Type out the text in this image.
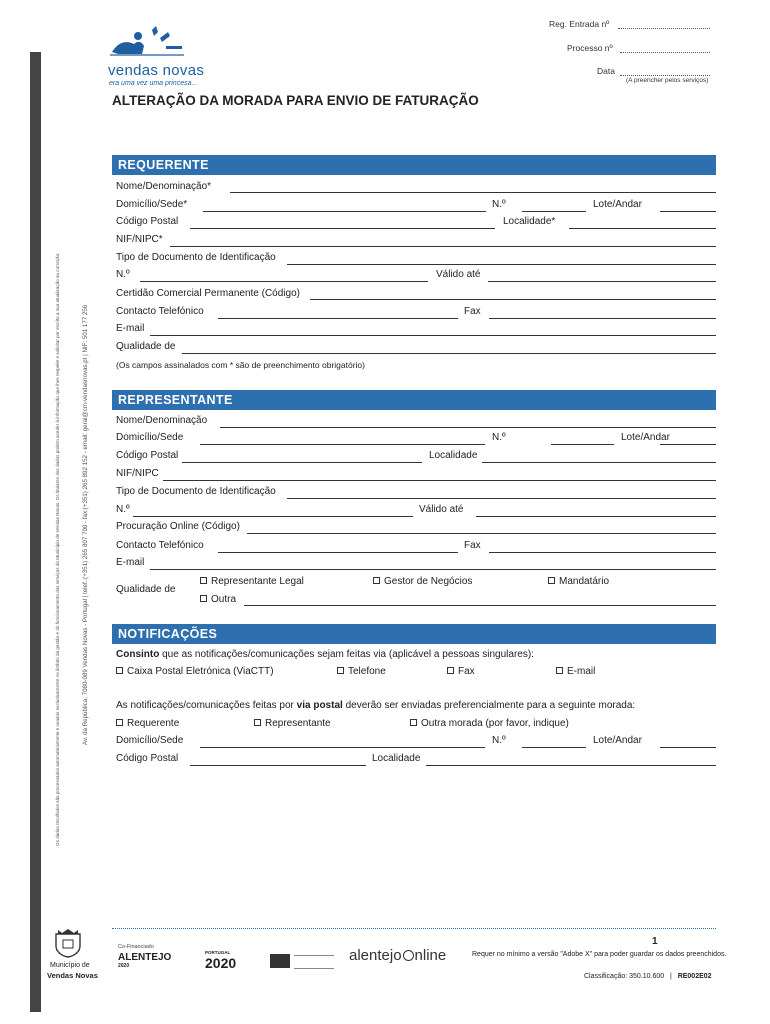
Os dados recolhidos são processados automaticamente e usados exclusivamente no âmbito da gestão e do funcionamento dos serviços do Município de Vendas Novas. Os titulares dos dados podem aceder à informação que lhes respeite e solicitar por escrito a sua atualização ou correção.	Av. da República, 7080-089 Vendas Novas - Portugal | telef.:(+351) 265 807 700 - fax:(+351) 265 892 152 - email: geral@cm-vendasnovas.pt | NIF: 501 177 256
vendas novas
era uma vez uma princesa...
Reg. Entrada nº
Processo nº
Data
(A preencher pelos serviços)
ALTERAÇÃO DA MORADA PARA ENVIO DE FATURAÇÃO
REQUERENTE
Nome/Denominação*
Domicílio/Sede*	N.º	Lote/Andar
Código Postal	Localidade*
NIF/NIPC*
Tipo de Documento de Identificação
N.º	Válido até
Certidão Comercial Permanente (Código)
Contacto Telefónico	Fax
E-mail
Qualidade de
(Os campos assinalados com * são de preenchimento obrigatório)
REPRESENTANTE
Nome/Denominação
Domicílio/Sede	N.º	Lote/Andar
Código Postal	Localidade
NIF/NIPC
Tipo de Documento de Identificação
N.º	Válido até
Procuração Online (Código)
Contacto Telefónico	Fax
E-mail
Qualidade de
Representante Legal	Gestor de Negócios	Mandatário
Outra
NOTIFICAÇÕES
Consinto que as notificações/comunicações sejam feitas via (aplicável a pessoas singulares):
Caixa Postal Eletrónica (ViaCTT)	Telefone	Fax	E-mail
As notificações/comunicações feitas por via postal deverão ser enviadas preferencialmente para a seguinte morada:
Requerente	Representante	Outra morada (por favor, indique)
Domicílio/Sede	N.º	Lote/Andar
Código Postal	Localidade
Município de
Vendas Novas
Co-Financiado
ALENTEJO
2020
PORTUGAL
2020	alentejo nline
1
Requer no mínimo a versão "Adobe X" para poder guardar os dados preenchidos.
Classificação: 350.10.600 | RE002E02
